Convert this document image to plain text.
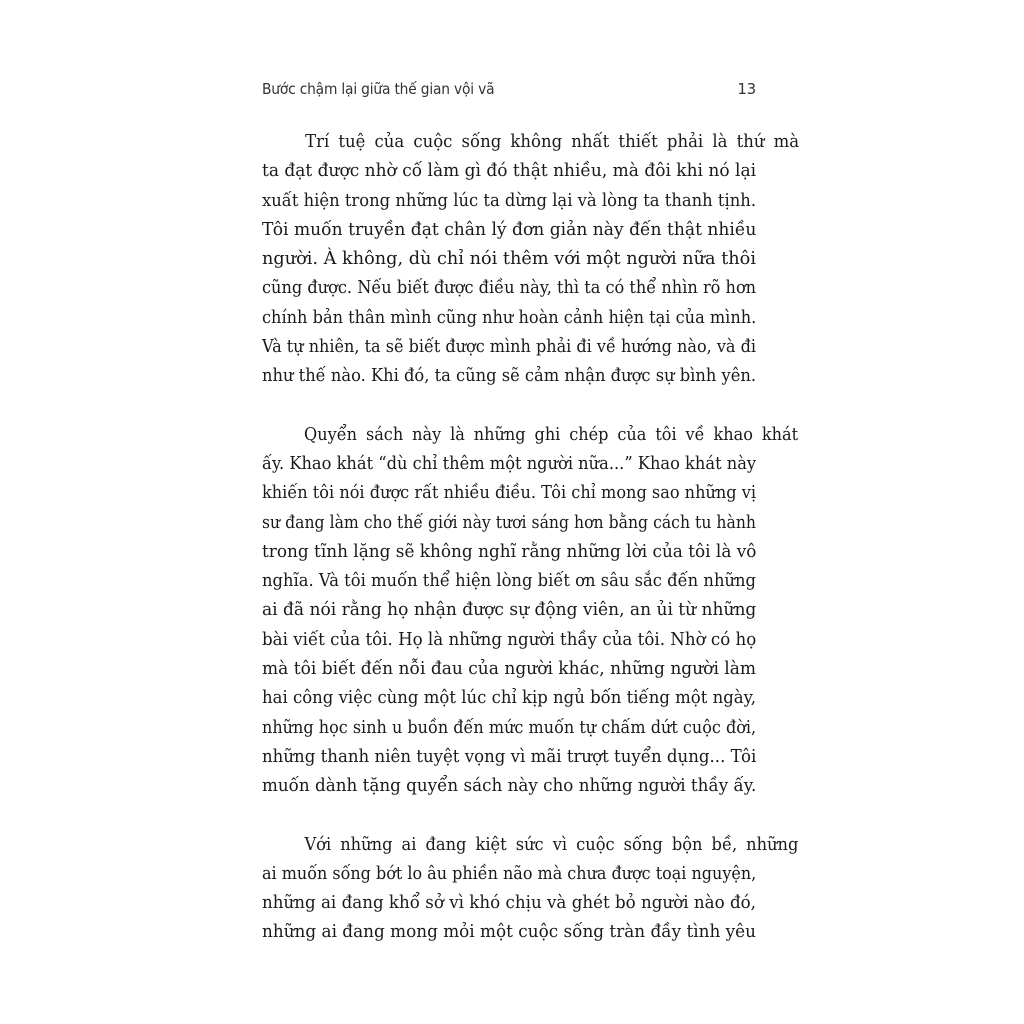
Bước chậm lại giữa thế gian vội vã	13

Trí tuệ của cuộc sống không nhất thiết phải là thứ mà
ta đạt được nhờ cố làm gì đó thật nhiều, mà đôi khi nó lại
xuất hiện trong những lúc ta dừng lại và lòng ta thanh tịnh.
Tôi muốn truyền đạt chân lý đơn giản này đến thật nhiều
người. À không, dù chỉ nói thêm với một người nữa thôi
cũng được. Nếu biết được điều này, thì ta có thể nhìn rõ hơn
chính bản thân mình cũng như hoàn cảnh hiện tại của mình.
Và tự nhiên, ta sẽ biết được mình phải đi về hướng nào, và đi
như thế nào. Khi đó, ta cũng sẽ cảm nhận được sự bình yên.

Quyển sách này là những ghi chép của tôi về khao khát
ấy. Khao khát “dù chỉ thêm một người nữa...” Khao khát này
khiến tôi nói được rất nhiều điều. Tôi chỉ mong sao những vị
sư đang làm cho thế giới này tươi sáng hơn bằng cách tu hành
trong tĩnh lặng sẽ không nghĩ rằng những lời của tôi là vô
nghĩa. Và tôi muốn thể hiện lòng biết ơn sâu sắc đến những
ai đã nói rằng họ nhận được sự động viên, an ủi từ những
bài viết của tôi. Họ là những người thầy của tôi. Nhờ có họ
mà tôi biết đến nỗi đau của người khác, những người làm
hai công việc cùng một lúc chỉ kịp ngủ bốn tiếng một ngày,
những học sinh u buồn đến mức muốn tự chấm dứt cuộc đời,
những thanh niên tuyệt vọng vì mãi trượt tuyển dụng... Tôi
muốn dành tặng quyển sách này cho những người thầy ấy.

Với những ai đang kiệt sức vì cuộc sống bộn bề, những
ai muốn sống bớt lo âu phiền não mà chưa được toại nguyện,
những ai đang khổ sở vì khó chịu và ghét bỏ người nào đó,
những ai đang mong mỏi một cuộc sống tràn đầy tình yêu
